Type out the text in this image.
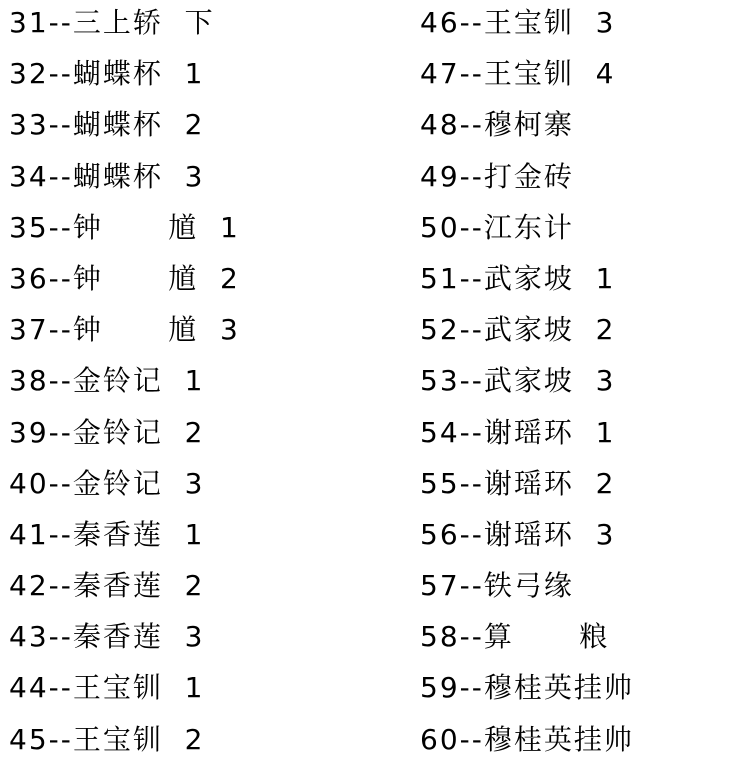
31--三上轿  下
32--蝴蝶杯  1
33--蝴蝶杯  2
34--蝴蝶杯  3
35--钟      馗  1
36--钟      馗  2
37--钟      馗  3
38--金铃记  1
39--金铃记  2
40--金铃记  3
41--秦香莲  1
42--秦香莲  2
43--秦香莲  3
44--王宝钏  1
45--王宝钏  2
46--王宝钏  3
47--王宝钏  4
48--穆柯寨
49--打金砖
50--江东计
51--武家坡  1
52--武家坡  2
53--武家坡  3
54--谢瑶环  1
55--谢瑶环  2
56--谢瑶环  3
57--铁弓缘
58--算      粮
59--穆桂英挂帅
60--穆桂英挂帅
